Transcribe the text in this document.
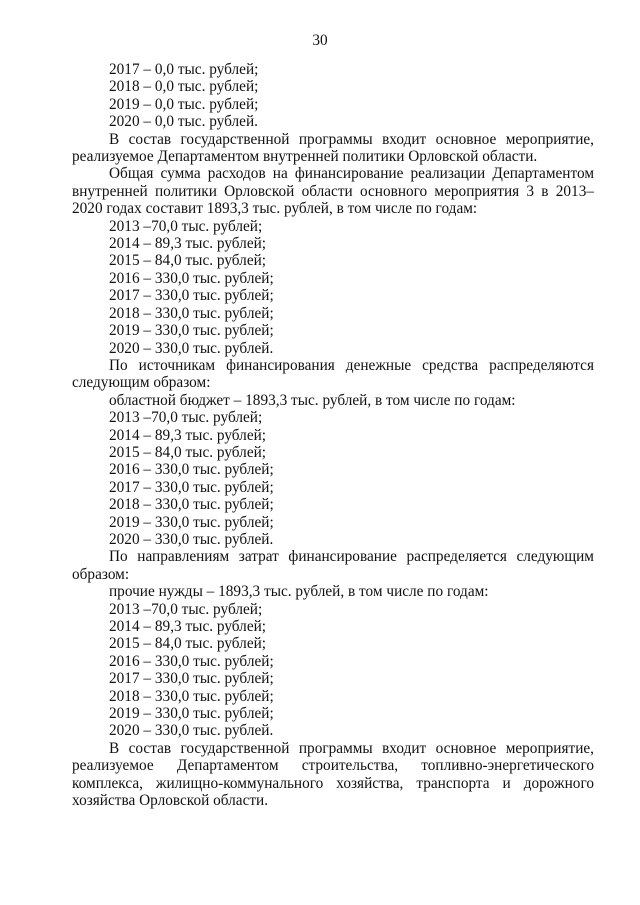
30

2017 – 0,0 тыс. рублей;

2018 – 0,0 тыс. рублей;

2019 – 0,0 тыс. рублей;

2020 – 0,0 тыс. рублей.

В состав государственной программы входит основное мероприятие, реализуемое Департаментом внутренней политики Орловской области.

Общая сумма расходов на финансирование реализации Департаментом внутренней политики Орловской области основного мероприятия 3 в 2013–2020 годах составит 1893,3 тыс. рублей, в том числе по годам:

2013 –70,0 тыс. рублей;

2014 – 89,3 тыс. рублей;

2015 – 84,0 тыс. рублей;

2016 – 330,0 тыс. рублей;

2017 – 330,0 тыс. рублей;

2018 – 330,0 тыс. рублей;

2019 – 330,0 тыс. рублей;

2020 – 330,0 тыс. рублей.

По источникам финансирования денежные средства распределяются следующим образом:

областной бюджет – 1893,3 тыс. рублей, в том числе по годам:

2013 –70,0 тыс. рублей;

2014 – 89,3 тыс. рублей;

2015 – 84,0 тыс. рублей;

2016 – 330,0 тыс. рублей;

2017 – 330,0 тыс. рублей;

2018 – 330,0 тыс. рублей;

2019 – 330,0 тыс. рублей;

2020 – 330,0 тыс. рублей.

По направлениям затрат финансирование распределяется следующим образом:

прочие нужды – 1893,3 тыс. рублей, в том числе по годам:

2013 –70,0 тыс. рублей;

2014 – 89,3 тыс. рублей;

2015 – 84,0 тыс. рублей;

2016 – 330,0 тыс. рублей;

2017 – 330,0 тыс. рублей;

2018 – 330,0 тыс. рублей;

2019 – 330,0 тыс. рублей;

2020 – 330,0 тыс. рублей.

В состав государственной программы входит основное мероприятие, реализуемое Департаментом строительства, топливно-энергетического комплекса, жилищно-коммунального хозяйства, транспорта и дорожного хозяйства Орловской области.
